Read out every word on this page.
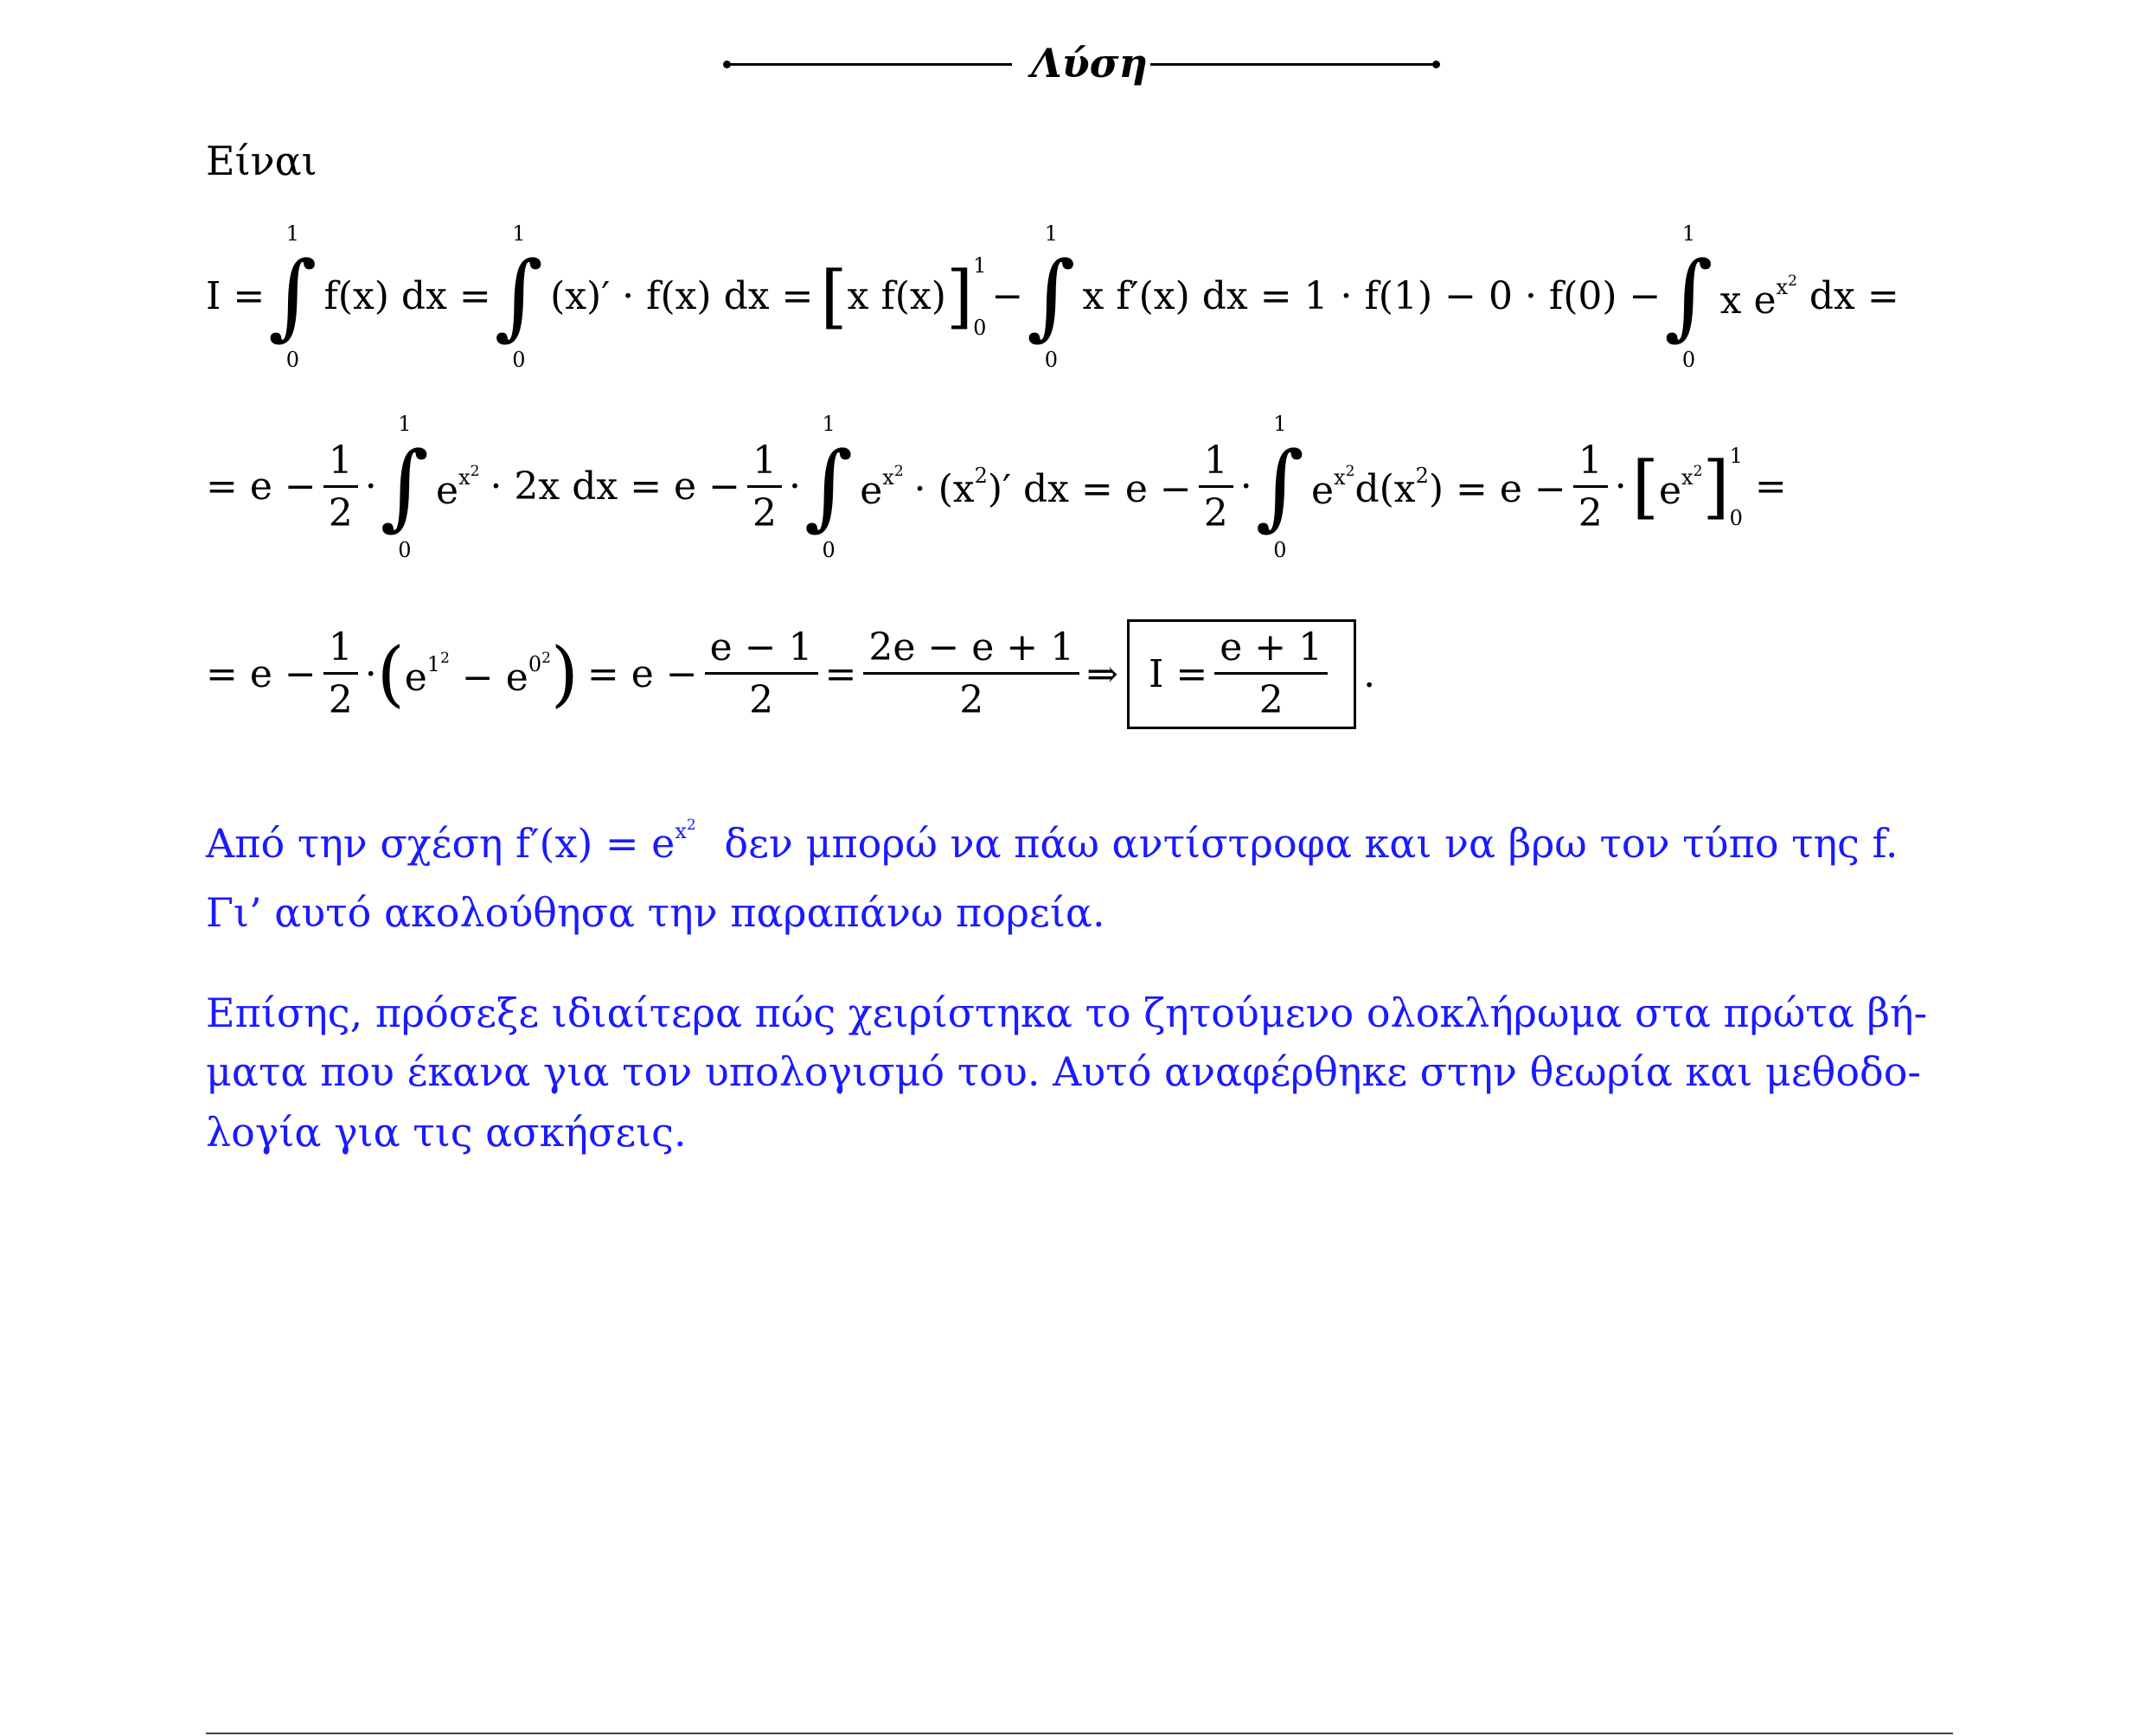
Λύση
Είναι
I =
1
∫
0
f(x) dx =
1
∫
0
(x)′ · f(x) dx = [ x f(x) ] 1
0
−
1
∫
0
x f′(x) dx = 1 · f(1) − 0 · f(0) −
1
∫
0
x $e^{x^2}$ dx =
= $e - \frac{1}{2}$ ·
1
∫
0
$e^{x^2} \cdot 2x$ dx = $e - \frac{1}{2}$ ·
1
∫
0
$e^{x^2} \cdot (x^2)'$ dx = $e - \frac{1}{2}$ ·
1
∫
0
$e^{x^2}$ $d(x^2) = e - \frac{1}{2}$ · [ $e^{x^2}$ ] 1
0
=
= $e - \frac{1}{2}$ · ( $e^{1^2} - e^{0^2}$ ) = $e - \frac{e - 1}{2} = \frac{2e - e + 1}{2}$ ⇒ $I = \frac{e + 1}{2}$ .
Από την σχέση $f'(x) = e^{x^2}$ δεν μπορώ να πάω αντίστροφα και να βρω τον τύπο της f.
Γι’ αυτό ακολούθησα την παραπάνω πορεία.
Επίσης, πρόσεξε ιδιαίτερα πώς χειρίστηκα το ζητούμενο ολοκλήρωμα στα πρώτα βή-
ματα που έκανα για τον υπολογισμό του. Αυτό αναφέρθηκε στην θεωρία και μεθοδο-
λογία για τις ασκήσεις.
